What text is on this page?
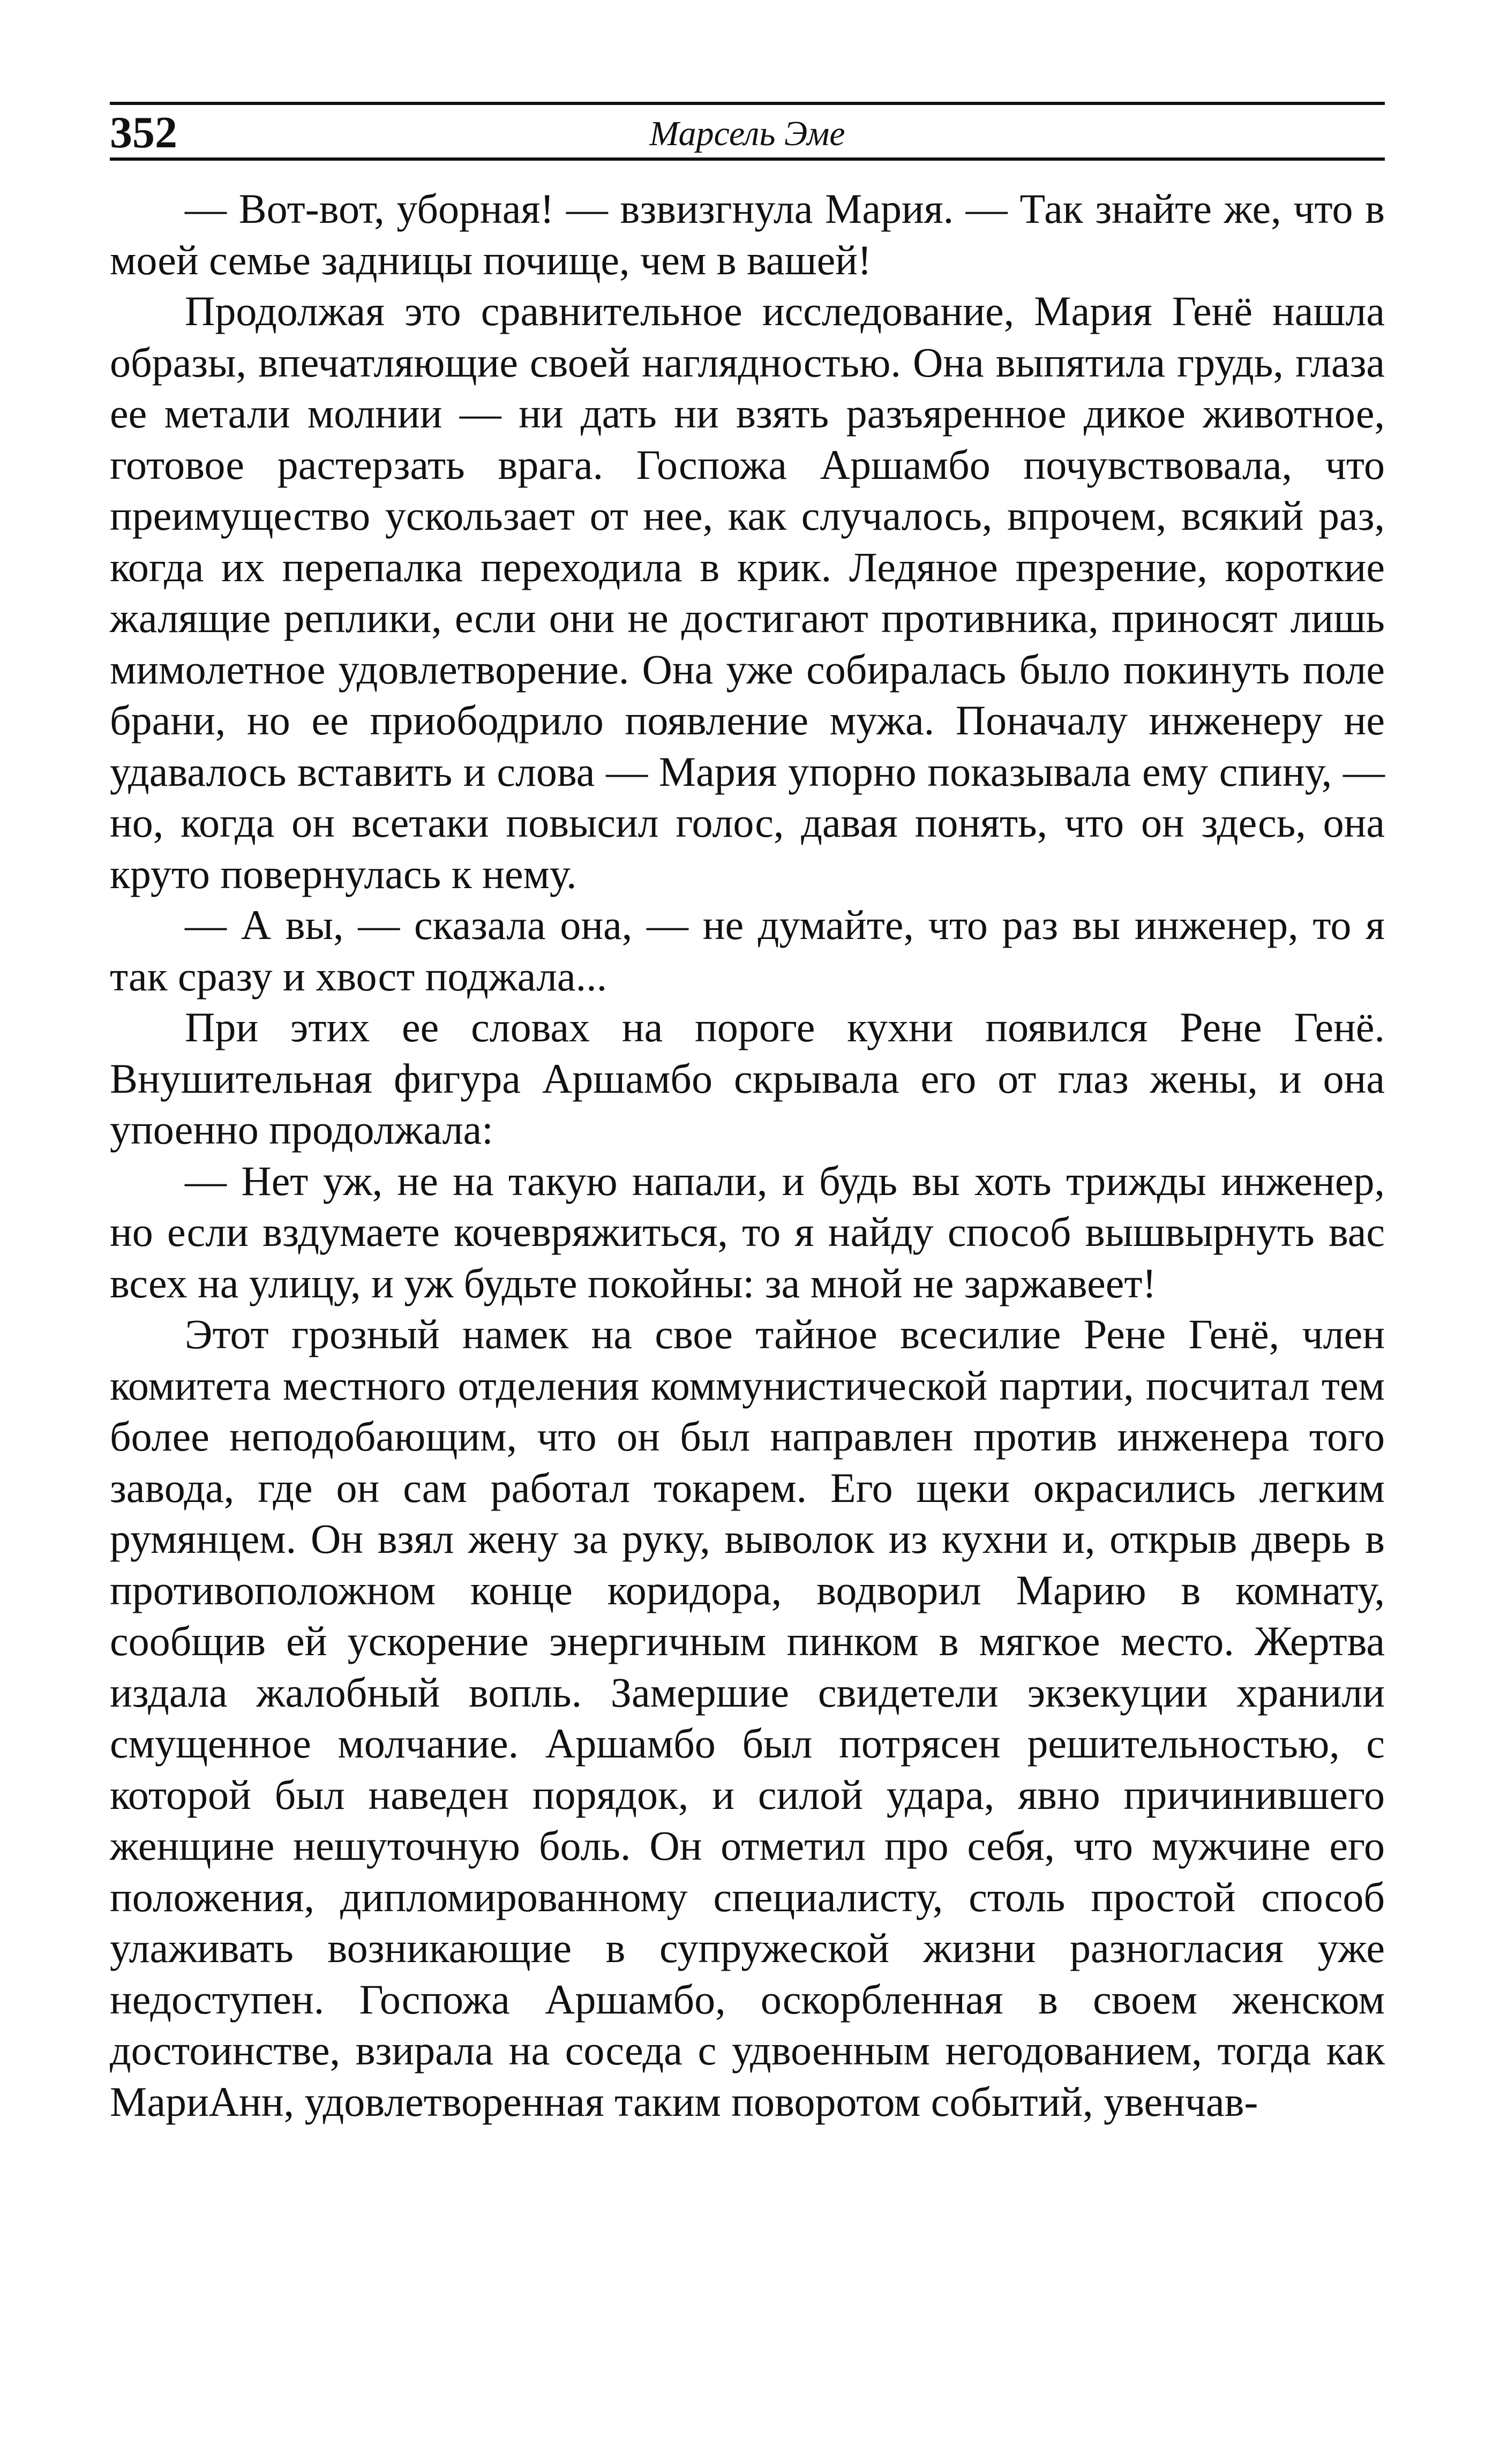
352	Марсель Эме

— Вот-вот, уборная! — взвизгнула Мария. — Так знайте же, что в моей семье задницы почище, чем в вашей!

Продолжая это сравнительное исследование, Мария Генё нашла образы, впечатляющие своей наглядностью. Она выпятила грудь, глаза ее метали молнии — ни дать ни взять разъяренное дикое животное, готовое растерзать врага. Госпожа Аршамбо почувствовала, что преимущество ускользает от нее, как случалось, впрочем, всякий раз, когда их перепалка переходила в крик. Ледяное презрение, короткие жалящие реплики, если они не достигают противника, приносят лишь мимолетное удовлетворение. Она уже собиралась было покинуть поле брани, но ее приободрило появление мужа. Поначалу инженеру не удавалось вставить и слова — Мария упорно показывала ему спину, — но, когда он всетаки повысил голос, давая понять, что он здесь, она круто повернулась к нему.

— А вы, — сказала она, — не думайте, что раз вы инженер, то я так сразу и хвост поджала...

При этих ее словах на пороге кухни появился Рене Генё. Внушительная фигура Аршамбо скрывала его от глаз жены, и она упоенно продолжала:

— Нет уж, не на такую напали, и будь вы хоть трижды инженер, но если вздумаете кочевряжиться, то я найду способ вышвырнуть вас всех на улицу, и уж будьте покойны: за мной не заржавеет!

Этот грозный намек на свое тайное всесилие Рене Генё, член комитета местного отделения коммунистической партии, посчитал тем более неподобающим, что он был направлен против инженера того завода, где он сам работал токарем. Его щеки окрасились легким румянцем. Он взял жену за руку, выволок из кухни и, открыв дверь в противоположном конце коридора, водворил Марию в комнату, сообщив ей ускорение энергичным пинком в мягкое место. Жертва издала жалобный вопль. Замершие свидетели экзекуции хранили смущенное молчание. Аршамбо был потрясен решительностью, с которой был наведен порядок, и силой удара, явно причинившего женщине нешуточную боль. Он отметил про себя, что мужчине его положения, дипломированному специалисту, столь простой способ улаживать возникающие в супружеской жизни разногласия уже недоступен. Госпожа Аршамбо, оскорбленная в своем женском достоинстве, взирала на соседа с удвоенным негодованием, тогда как МариАнн, удовлетворенная таким поворотом событий, увенчав-
